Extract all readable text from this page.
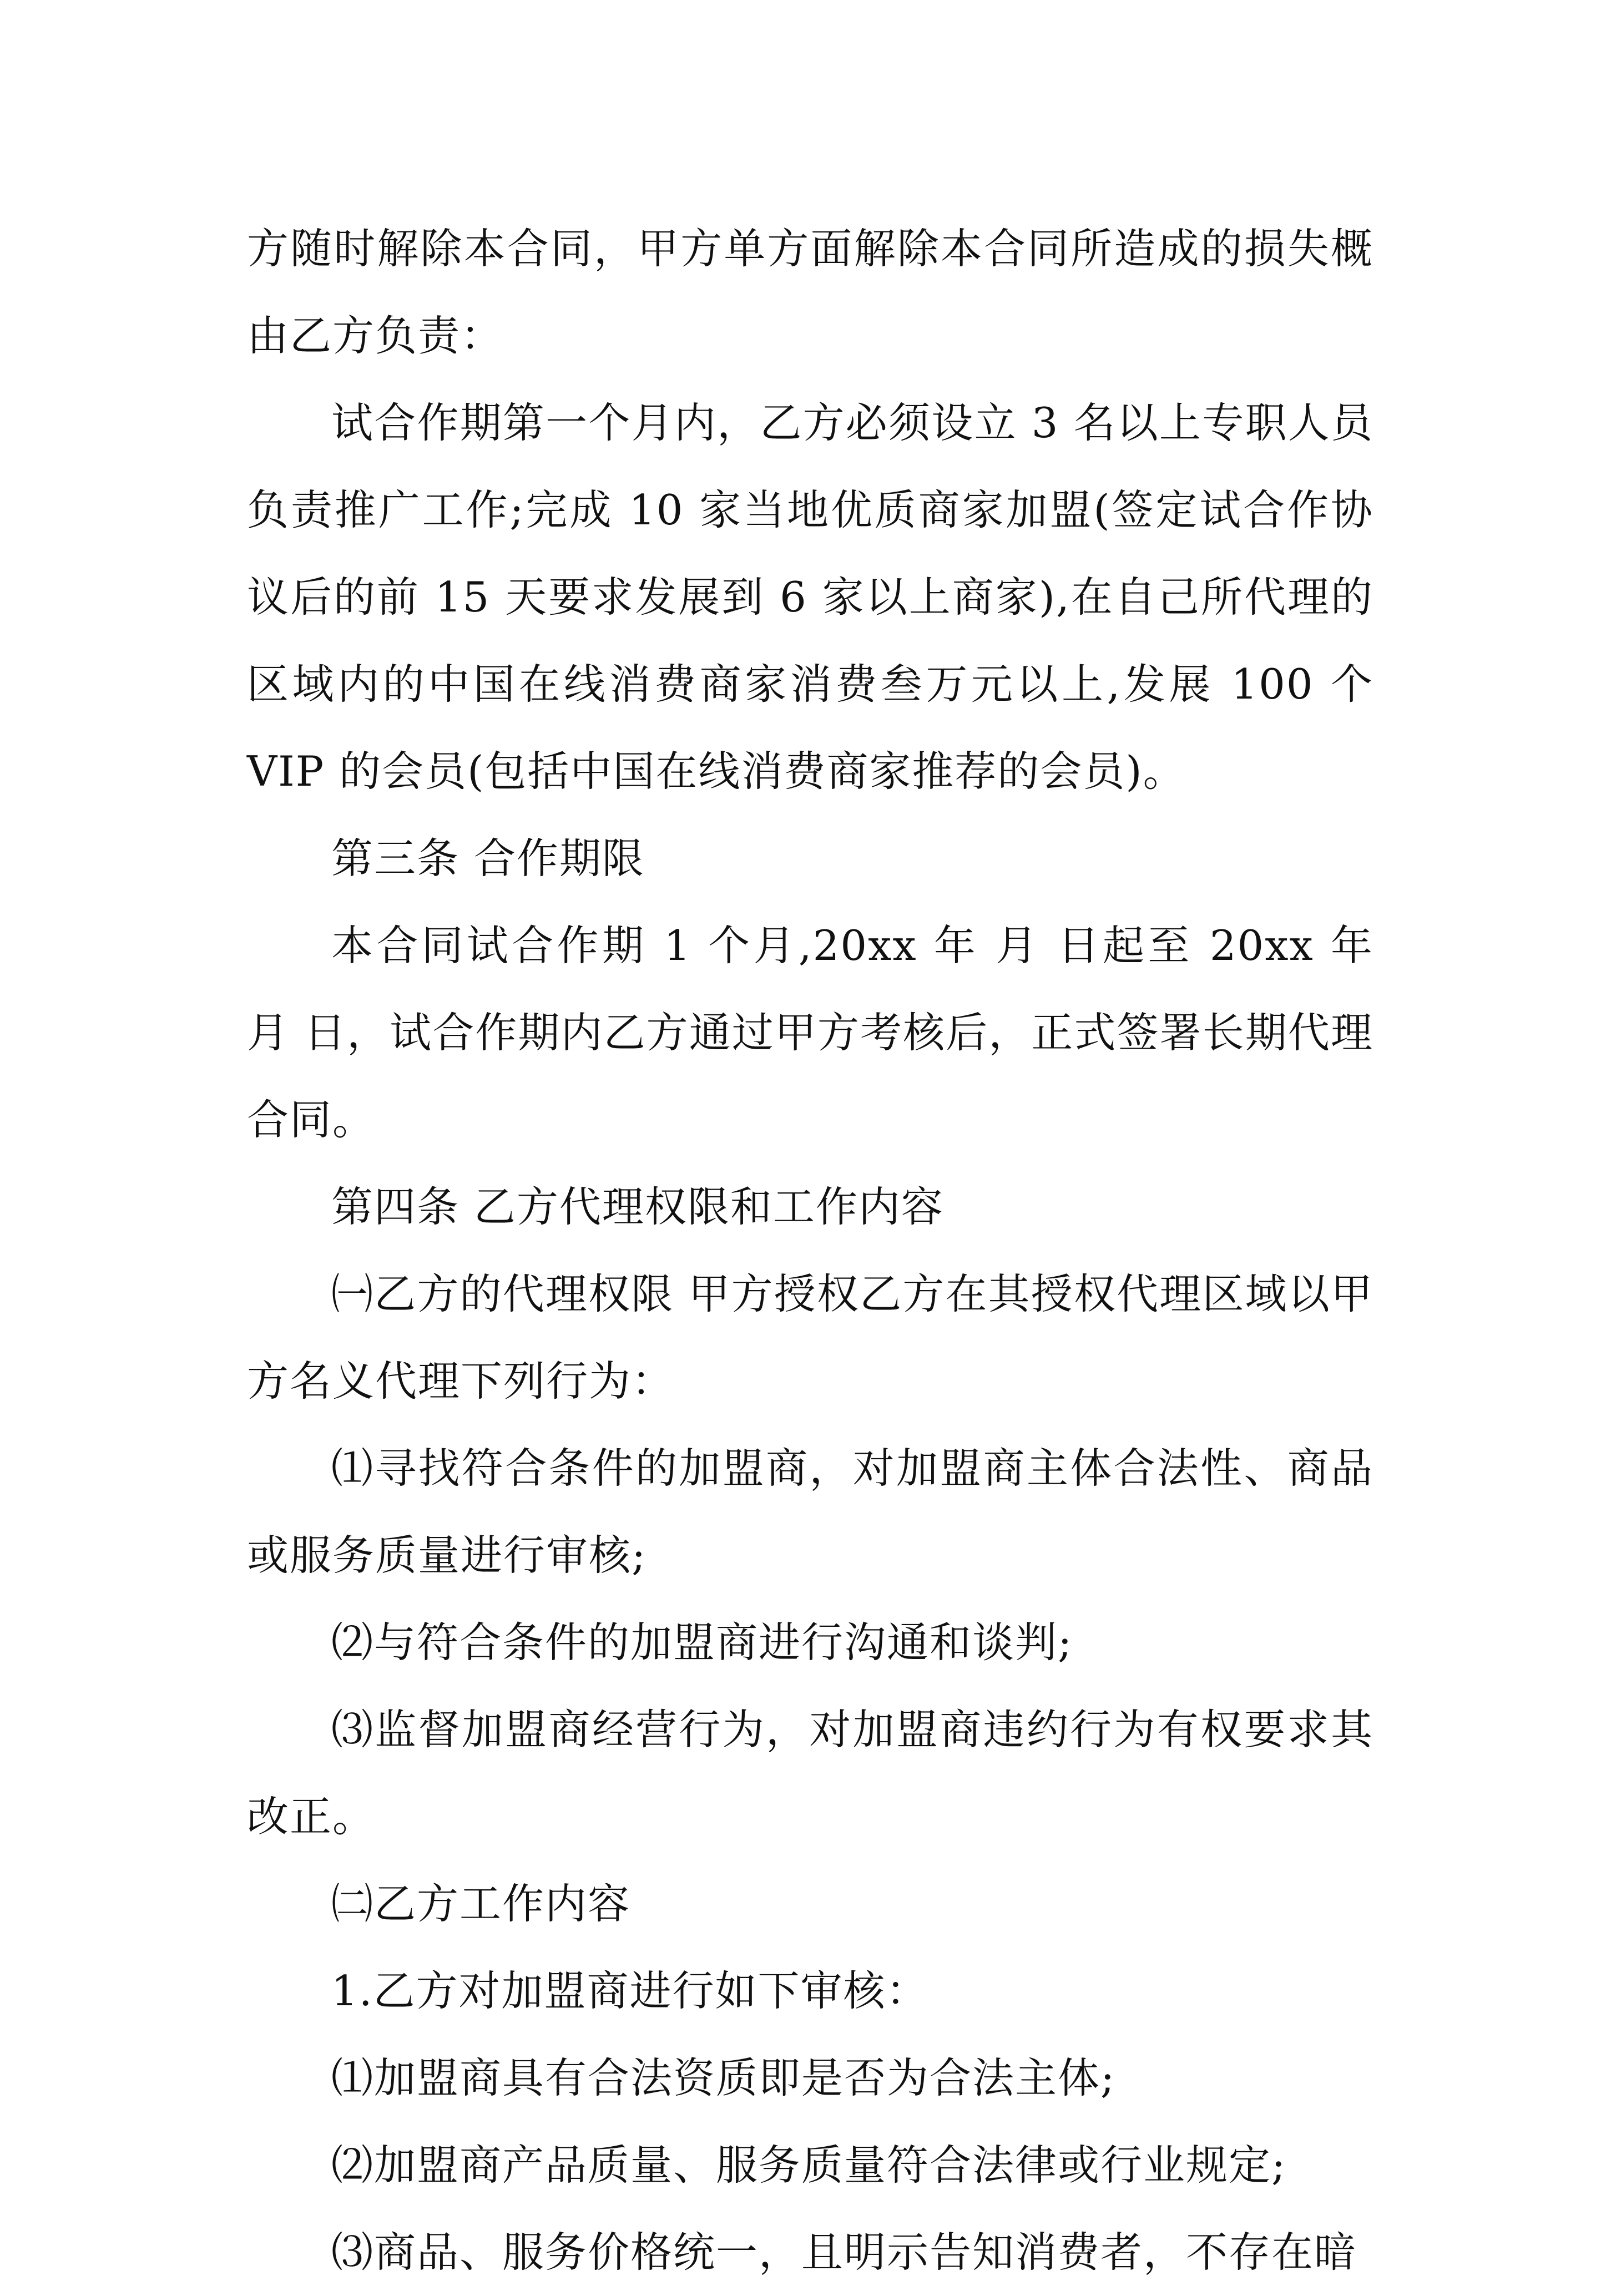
方随时解除本合同，甲方单方面解除本合同所造成的损失概由乙方负责：

试合作期第一个月内，乙方必须设立 3 名以上专职人员负责推广工作;完成 10 家当地优质商家加盟(签定试合作协议后的前 15 天要求发展到 6 家以上商家),在自己所代理的区域内的中国在线消费商家消费叁万元以上,发展 100 个 VIP 的会员(包括中国在线消费商家推荐的会员)。

第三条 合作期限

本合同试合作期 1 个月,20xx 年 月 日起至 20xx 年 月 日，试合作期内乙方通过甲方考核后，正式签署长期代理合同。

第四条 乙方代理权限和工作内容

㈠乙方的代理权限 甲方授权乙方在其授权代理区域以甲方名义代理下列行为：

⑴寻找符合条件的加盟商，对加盟商主体合法性、商品或服务质量进行审核;

⑵与符合条件的加盟商进行沟通和谈判;

⑶监督加盟商经营行为，对加盟商违约行为有权要求其改正。

㈡乙方工作内容

1.乙方对加盟商进行如下审核：

⑴加盟商具有合法资质即是否为合法主体;

⑵加盟商产品质量、服务质量符合法律或行业规定;

⑶商品、服务价格统一，且明示告知消费者，不存在暗
